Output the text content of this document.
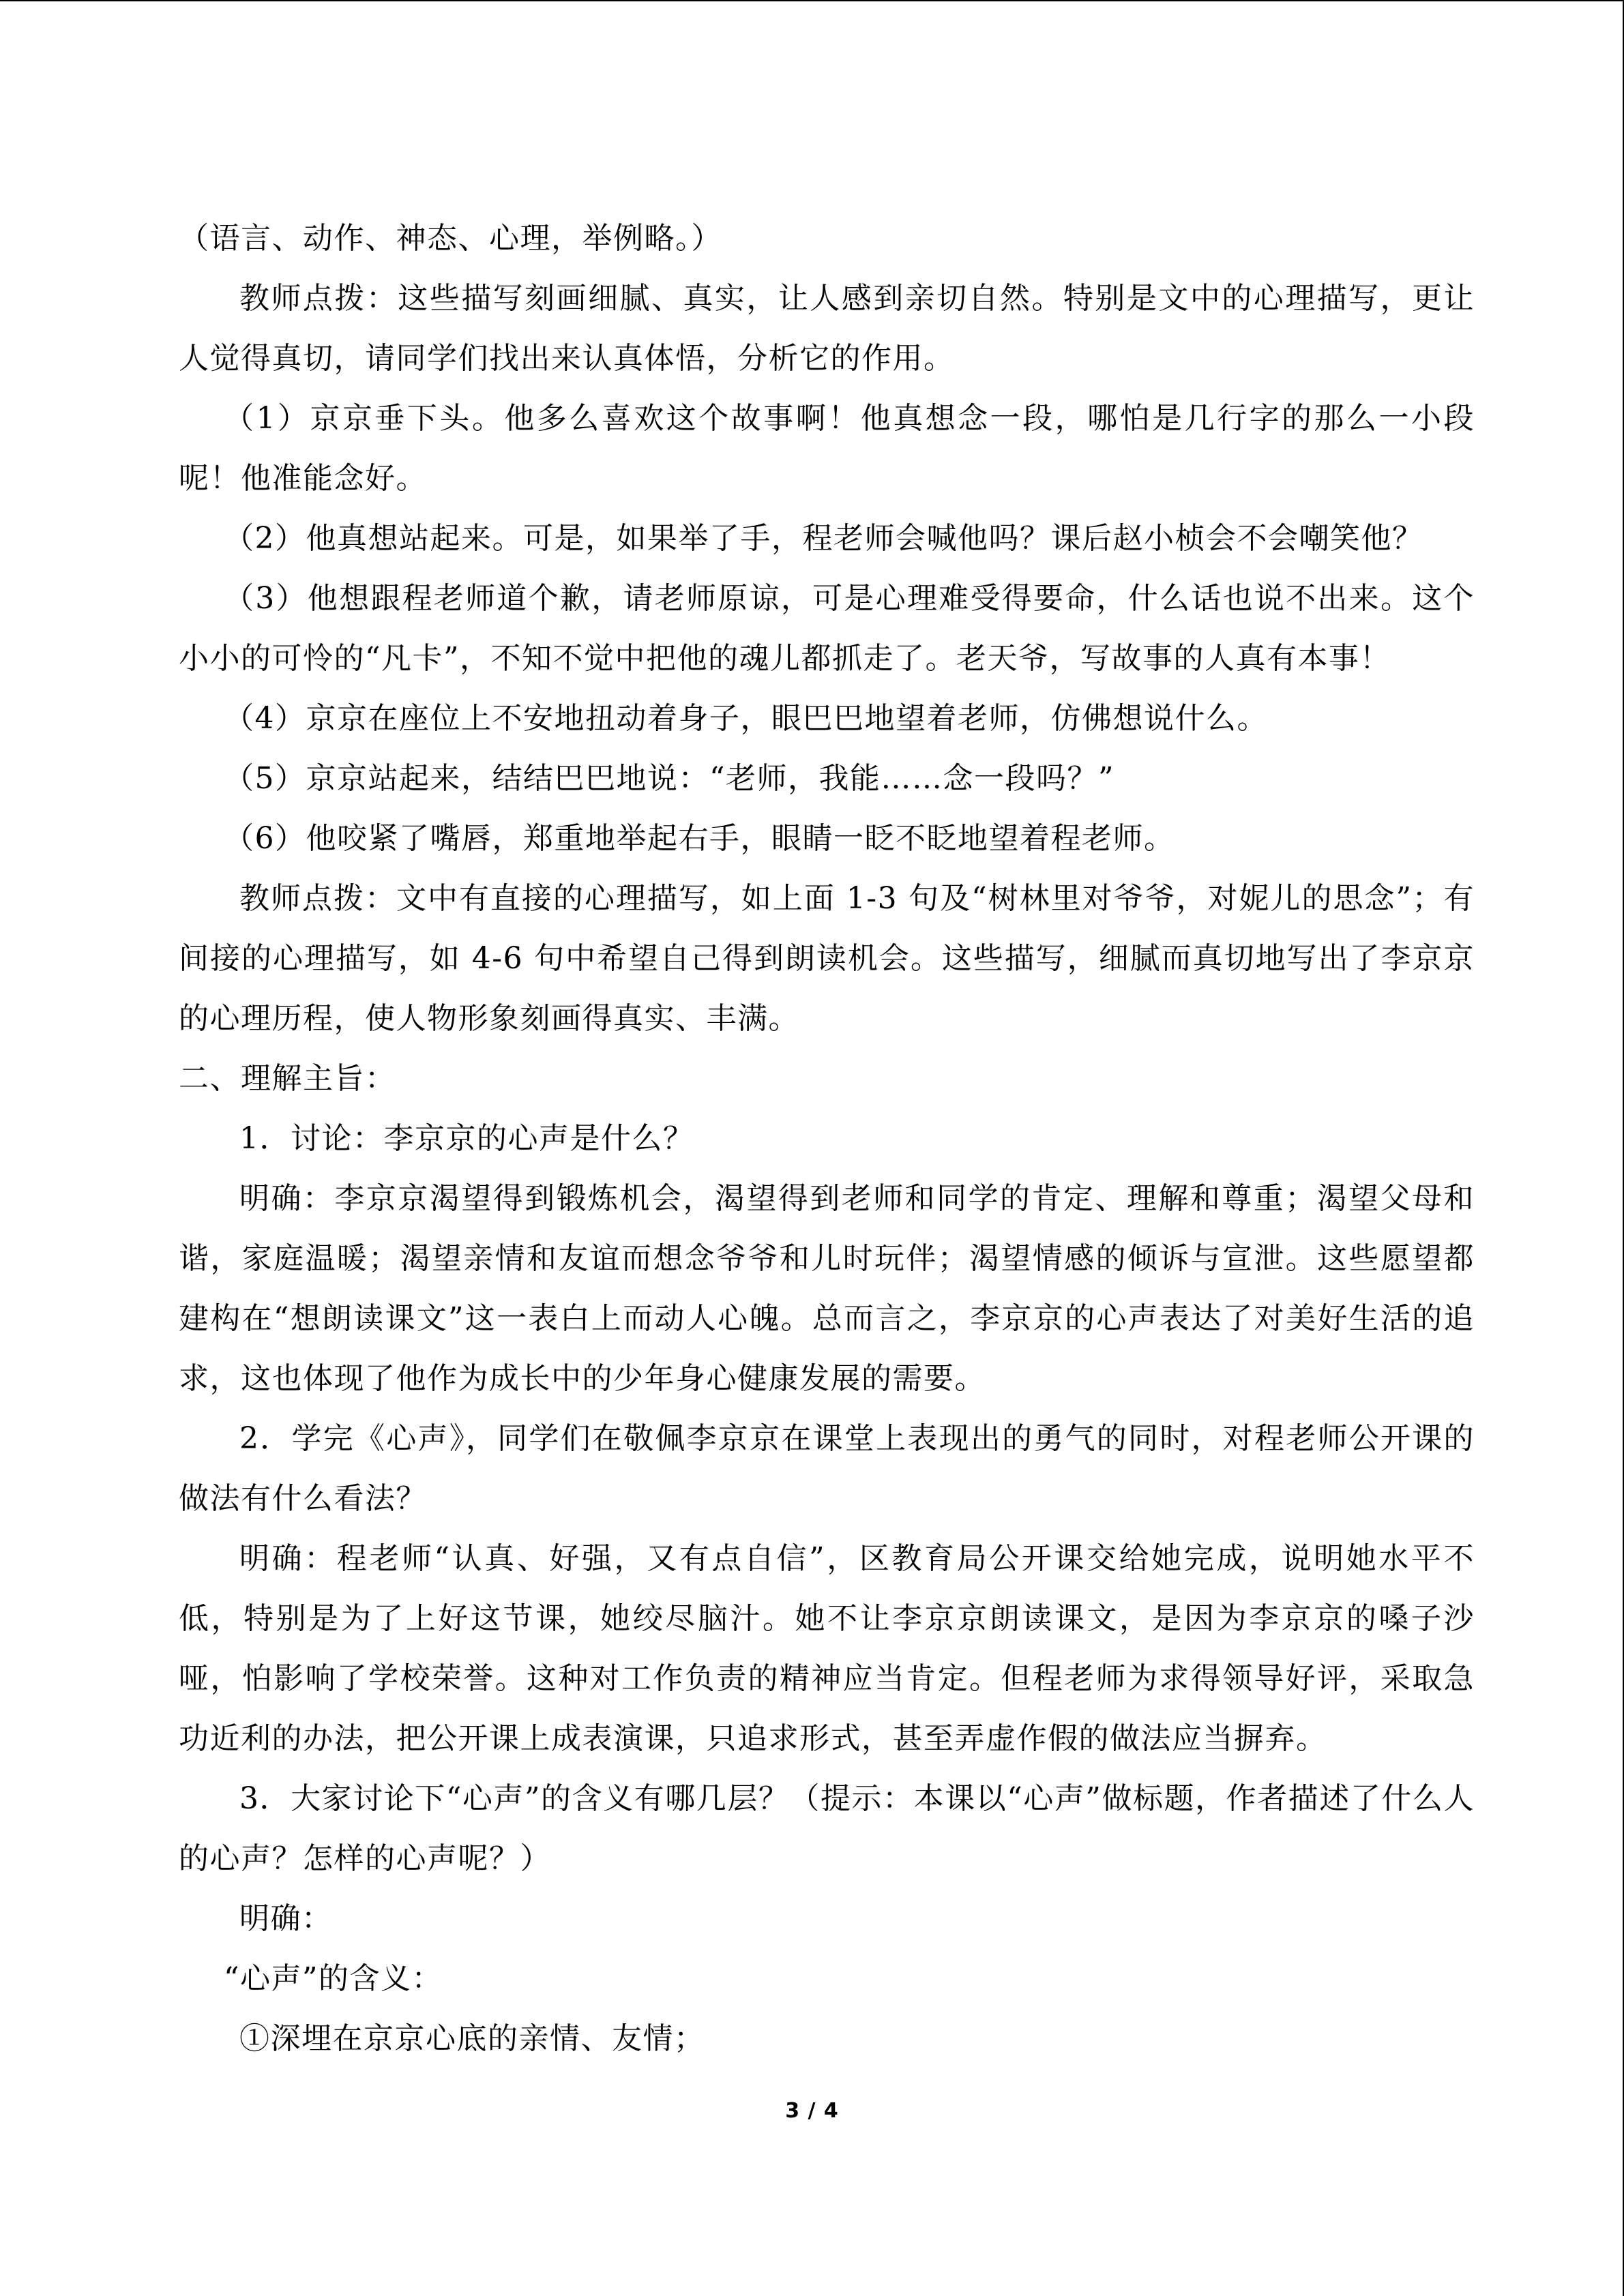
（语言、动作、神态、心理，举例略。）

教师点拨：这些描写刻画细腻、真实，让人感到亲切自然。特别是文中的心理描写，更让人觉得真切，请同学们找出来认真体悟，分析它的作用。

（1）京京垂下头。他多么喜欢这个故事啊！他真想念一段，哪怕是几行字的那么一小段呢！他准能念好。

（2）他真想站起来。可是，如果举了手，程老师会喊他吗？课后赵小桢会不会嘲笑他？

（3）他想跟程老师道个歉，请老师原谅，可是心理难受得要命，什么话也说不出来。这个小小的可怜的“凡卡”，不知不觉中把他的魂儿都抓走了。老天爷，写故事的人真有本事！

（4）京京在座位上不安地扭动着身子，眼巴巴地望着老师，仿佛想说什么。

（5）京京站起来，结结巴巴地说：“老师，我能……念一段吗？”

（6）他咬紧了嘴唇，郑重地举起右手，眼睛一眨不眨地望着程老师。

教师点拨：文中有直接的心理描写，如上面 1-3 句及“树林里对爷爷，对妮儿的思念”；有间接的心理描写，如 4-6 句中希望自己得到朗读机会。这些描写，细腻而真切地写出了李京京的心理历程，使人物形象刻画得真实、丰满。

二、理解主旨：

1．讨论：李京京的心声是什么？

明确：李京京渴望得到锻炼机会，渴望得到老师和同学的肯定、理解和尊重；渴望父母和谐，家庭温暖；渴望亲情和友谊而想念爷爷和儿时玩伴；渴望情感的倾诉与宣泄。这些愿望都建构在“想朗读课文”这一表白上而动人心魄。总而言之，李京京的心声表达了对美好生活的追求，这也体现了他作为成长中的少年身心健康发展的需要。

2．学完《心声》，同学们在敬佩李京京在课堂上表现出的勇气的同时，对程老师公开课的做法有什么看法？

明确：程老师“认真、好强，又有点自信”，区教育局公开课交给她完成，说明她水平不低，特别是为了上好这节课，她绞尽脑汁。她不让李京京朗读课文，是因为李京京的嗓子沙哑，怕影响了学校荣誉。这种对工作负责的精神应当肯定。但程老师为求得领导好评，采取急功近利的办法，把公开课上成表演课，只追求形式，甚至弄虚作假的做法应当摒弃。

3．大家讨论下“心声”的含义有哪几层？（提示：本课以“心声”做标题，作者描述了什么人的心声？怎样的心声呢？）

明确：

“心声”的含义：

①深埋在京京心底的亲情、友情；

3 / 4
